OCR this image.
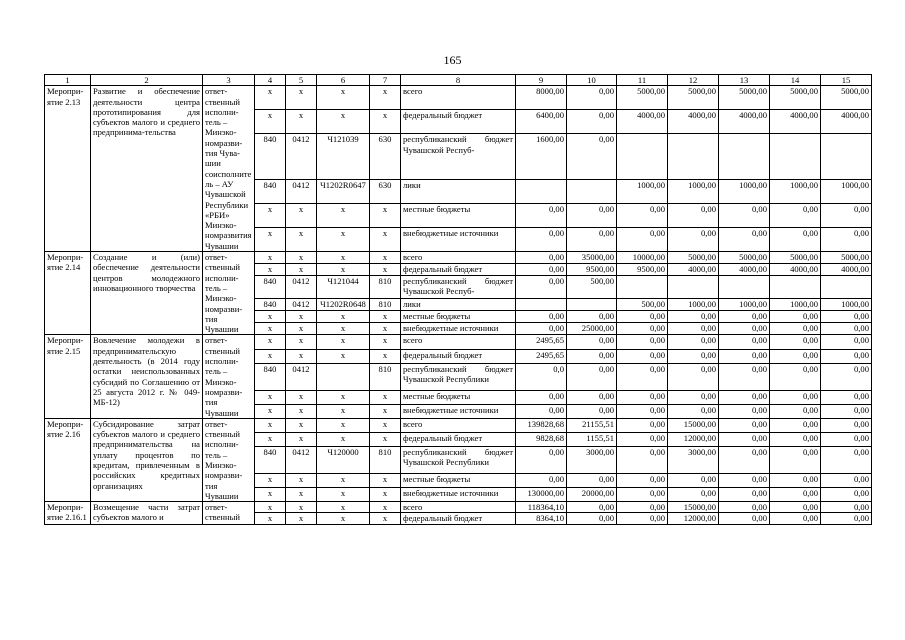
165
1	2	3	4	5	6	7	8	9	10	11	12	13	14	15
Меропри-ятие 2.13	Развитие и обеспечение деятельности центра прототипирования для субъектов малого и среднего предпринима-тельства	ответ-ственный исполни-тель – Минэко-номразви-тия Чува-шии соисполнитель – АУ Чувашской Республики «РБИ» Минэко-номразвития Чувашии	x	x	x	x	всего	8000,00	0,00	5000,00	5000,00	5000,00	5000,00	5000,00
			x	x	x	x	федеральный бюджет	6400,00	0,00	4000,00	4000,00	4000,00	4000,00	4000,00
			840	0412	Ч121039	630	республиканский бюджет Чувашской Респуб-	1600,00	0,00					
			840	0412	Ч1202R0647	630	лики			1000,00	1000,00	1000,00	1000,00	1000,00
			x	x	x	x	местные бюджеты	0,00	0,00	0,00	0,00	0,00	0,00	0,00
			x	x	x	x	внебюджетные источники	0,00	0,00	0,00	0,00	0,00	0,00	0,00
Меропри-ятие 2.14	Создание и (или) обеспечение деятельности центров молодежного инновационного творчества	ответ-ственный исполни-тель – Минэко-номразви-тия Чувашии	x	x	x	x	всего	0,00	35000,00	10000,00	5000,00	5000,00	5000,00	5000,00
			x	x	x	x	федеральный бюджет	0,00	9500,00	9500,00	4000,00	4000,00	4000,00	4000,00
			840	0412	Ч121044	810	республиканский бюджет Чувашской Респуб-	0,00	500,00					
			840	0412	Ч1202R0648	810	лики			500,00	1000,00	1000,00	1000,00	1000,00
			x	x	x	x	местные бюджеты	0,00	0,00	0,00	0,00	0,00	0,00	0,00
			x	x	x	x	внебюджетные источники	0,00	25000,00	0,00	0,00	0,00	0,00	0,00
Меропри-ятие 2.15	Вовлечение молодежи в предпринимательскую деятельность (в 2014 году остатки неиспользованных субсидий по Соглашению от 25 августа 2012 г. № 049-МБ-12)	ответ-ственный исполни-тель – Минэко-номразви-тия Чувашии	x	x	x	x	всего	2495,65	0,00	0,00	0,00	0,00	0,00	0,00
			x	x	x	x	федеральный бюджет	2495,65	0,00	0,00	0,00	0,00	0,00	0,00
			840	0412		810	республиканский бюджет Чувашской Республики	0,0	0,00	0,00	0,00	0,00	0,00	0,00
			x	x	x	x	местные бюджеты	0,00	0,00	0,00	0,00	0,00	0,00	0,00
			x	x	x	x	внебюджетные источники	0,00	0,00	0,00	0,00	0,00	0,00	0,00
Меропри-ятие 2.16	Субсидирование затрат субъектов малого и среднего предпринимательства на уплату процентов по кредитам, привлеченным в российских кредитных организациях	ответ-ственный исполни-тель – Минэко-номразви-тия Чувашии	x	x	x	x	всего	139828,68	21155,51	0,00	15000,00	0,00	0,00	0,00
			x	x	x	x	федеральный бюджет	9828,68	1155,51	0,00	12000,00	0,00	0,00	0,00
			840	0412	Ч120000	810	республиканский бюджет Чувашской Республики	0,00	3000,00	0,00	3000,00	0,00	0,00	0,00
			x	x	x	x	местные бюджеты	0,00	0,00	0,00	0,00	0,00	0,00	0,00
			x	x	x	x	внебюджетные источники	130000,00	20000,00	0,00	0,00	0,00	0,00	0,00
Меропри-ятие 2.16.1	Возмещение части затрат субъектов малого и	ответ-ственный	x	x	x	x	всего	118364,10	0,00	0,00	15000,00	0,00	0,00	0,00
			x	x	x	x	федеральный бюджет	8364,10	0,00	0,00	12000,00	0,00	0,00	0,00
